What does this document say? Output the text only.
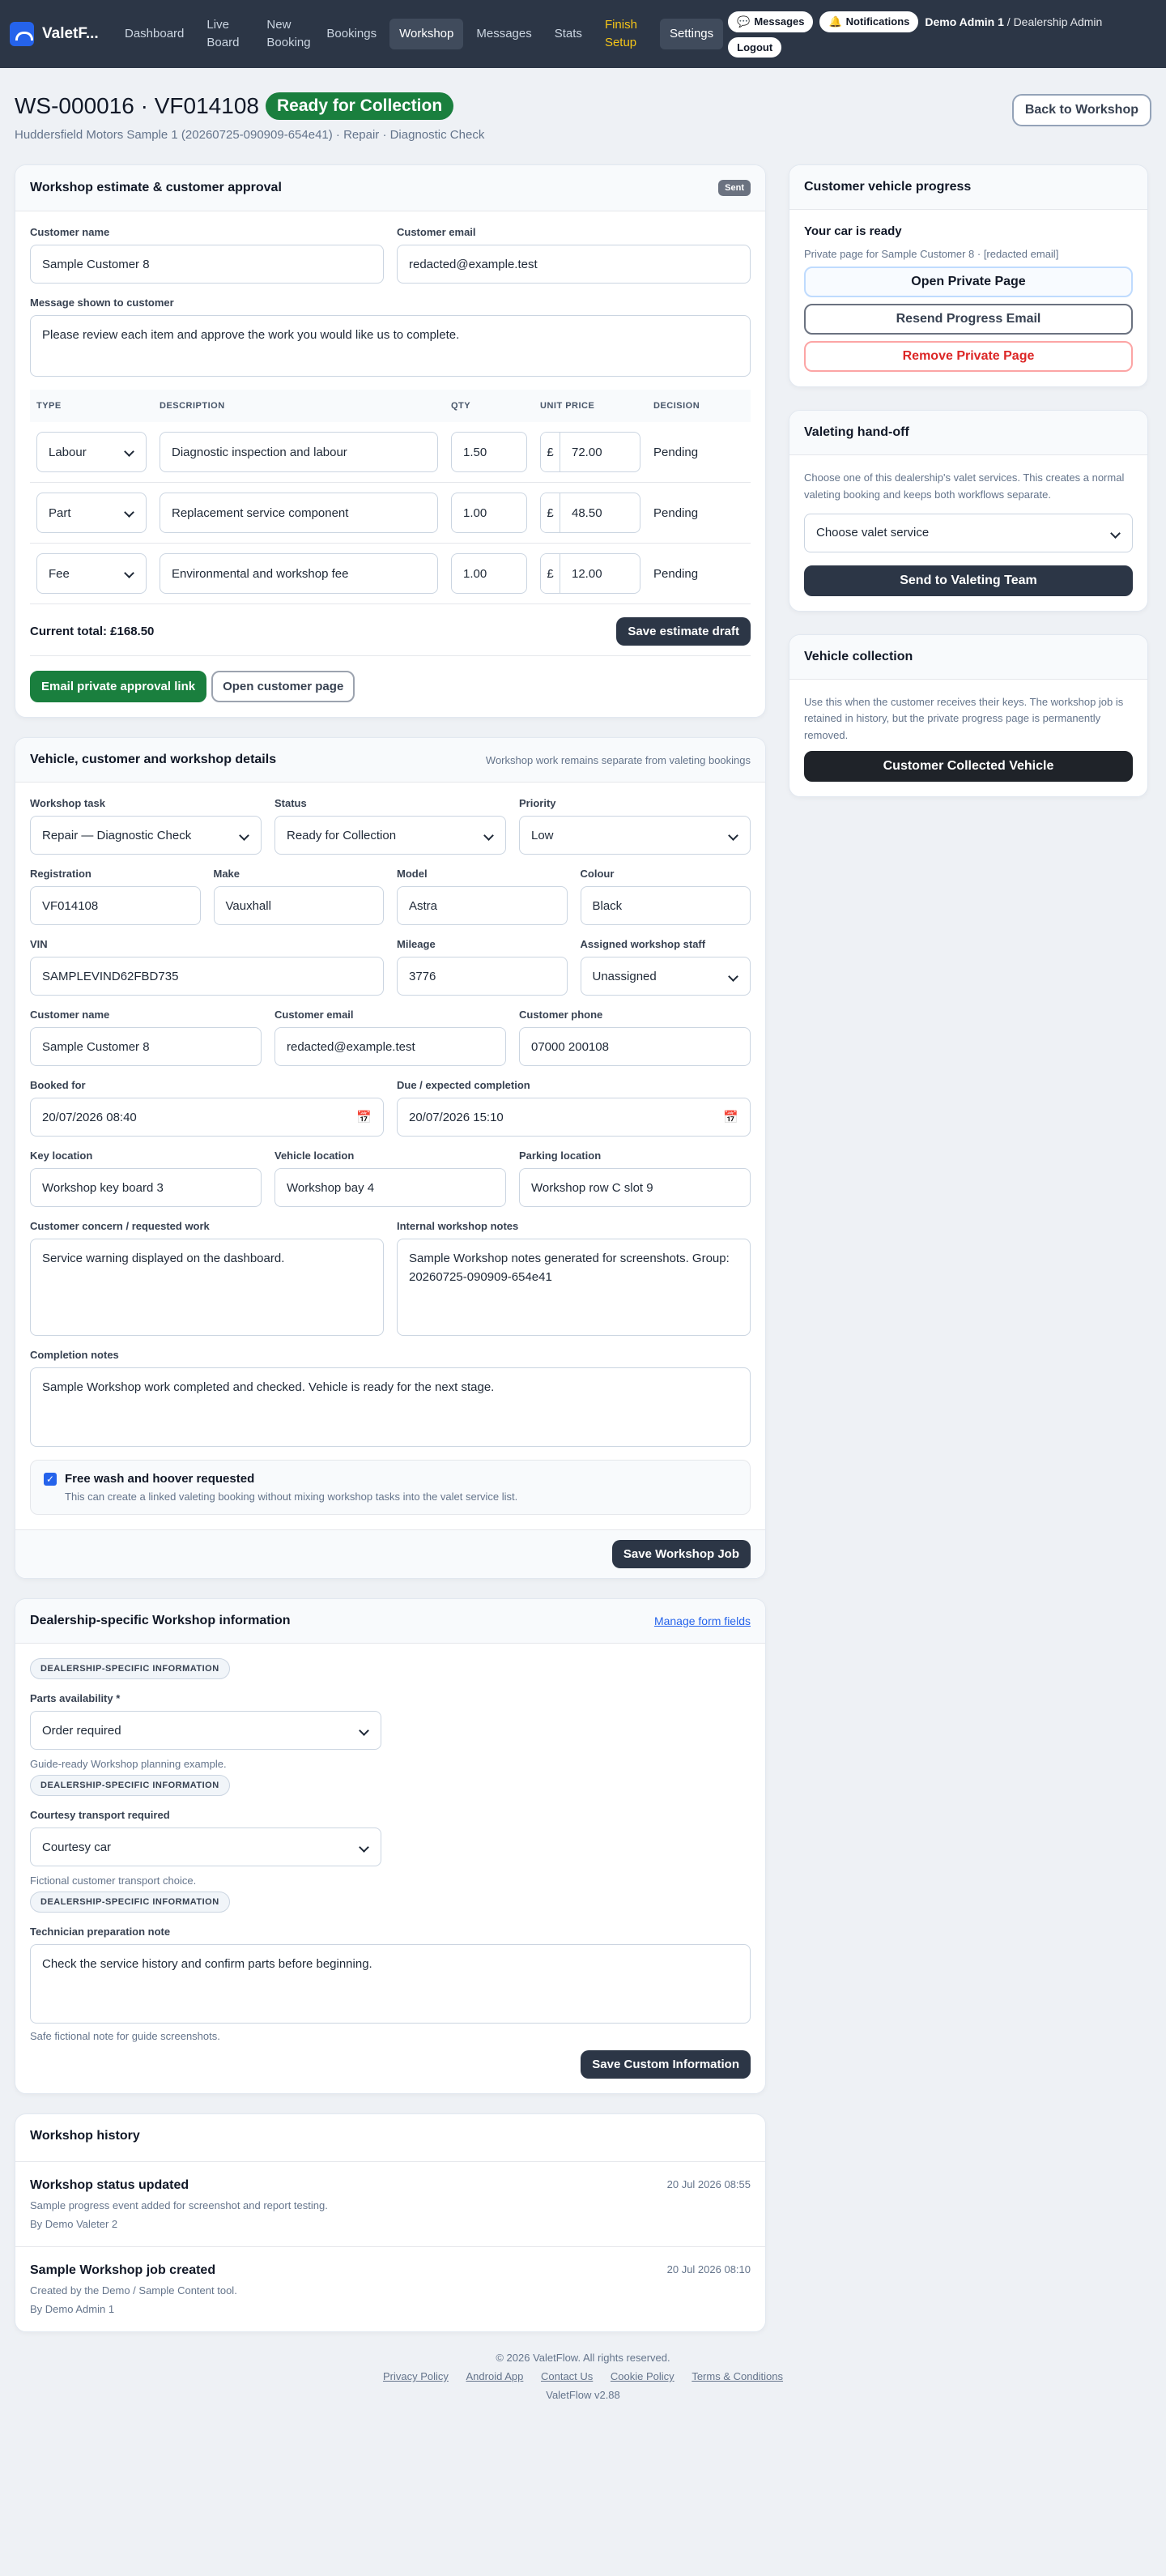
ValetF...	Dashboard
Live Board
New Booking
Bookings	Workshop	Messages	Stats
Finish Setup
Settings
💬 Messages 🔔 Notifications Demo Admin 1 / Dealership Admin
Logout
WS-000016 · VF014108	Ready for Collection
Huddersfield Motors Sample 1 (20260725-090909-654e41) · Repair · Diagnostic Check
Back to Workshop
Workshop estimate & customer approval	Sent
Customer name
Sample Customer 8
Customer email
redacted@example.test
Message shown to customer
Please review each item and approve the work you would like us to complete.
TYPE	DESCRIPTION	QTY	UNIT PRICE	DECISION

Labour	Diagnostic inspection and labour	1.50	£ 72.00	Pending

Part	Replacement service component	1.00	£ 48.50	Pending

Fee	Environmental and workshop fee	1.00	£ 12.00	Pending
Current total: £168.50	Save estimate draft
Email private approval link	Open customer page
Vehicle, customer and workshop details	Workshop work remains separate from valeting bookings
Workshop task
Repair — Diagnostic Check
Status
Ready for Collection
Priority
Low
Registration
VF014108
Make
Vauxhall
Model
Astra
Colour
Black
VIN
SAMPLEVIND62FBD735
Mileage
3776
Assigned workshop staff
Unassigned
Customer name
Sample Customer 8
Customer email
redacted@example.test
Customer phone
07000 200108
Booked for
20/07/2026 08:40	📅
Due / expected completion
20/07/2026 15:10	📅
Key location
Workshop key board 3
Vehicle location
Workshop bay 4
Parking location
Workshop row C slot 9
Customer concern / requested work
Service warning displayed on the dashboard.
Internal workshop notes
Sample Workshop notes generated for screenshots. Group: 20260725-090909-654e41
Completion notes
Sample Workshop work completed and checked. Vehicle is ready for the next stage.
✓ Free wash and hoover requested
This can create a linked valeting booking without mixing workshop tasks into the valet service list.
Save Workshop Job
Dealership-specific Workshop information	Manage form fields
DEALERSHIP-SPECIFIC INFORMATION
Parts availability *
Order required
Guide-ready Workshop planning example.
DEALERSHIP-SPECIFIC INFORMATION
Courtesy transport required
Courtesy car
Fictional customer transport choice.
DEALERSHIP-SPECIFIC INFORMATION
Technician preparation note
Check the service history and confirm parts before beginning.
Safe fictional note for guide screenshots.
Save Custom Information
Workshop history
Workshop status updated	20 Jul 2026 08:55
Sample progress event added for screenshot and report testing.
By Demo Valeter 2
Sample Workshop job created	20 Jul 2026 08:10
Created by the Demo / Sample Content tool.
By Demo Admin 1
Customer vehicle progress
Your car is ready
Private page for Sample Customer 8 · [redacted email]
Open Private Page
Resend Progress Email
Remove Private Page
Valeting hand-off
Choose one of this dealership's valet services. This creates a normal valeting booking and keeps both workflows separate.
Choose valet service
Send to Valeting Team
Vehicle collection
Use this when the customer receives their keys. The workshop job is retained in history, but the private progress page is permanently removed.
Customer Collected Vehicle
© 2026 ValetFlow. All rights reserved.
Privacy Policy Android App Contact Us Cookie Policy Terms & Conditions
ValetFlow v2.88
